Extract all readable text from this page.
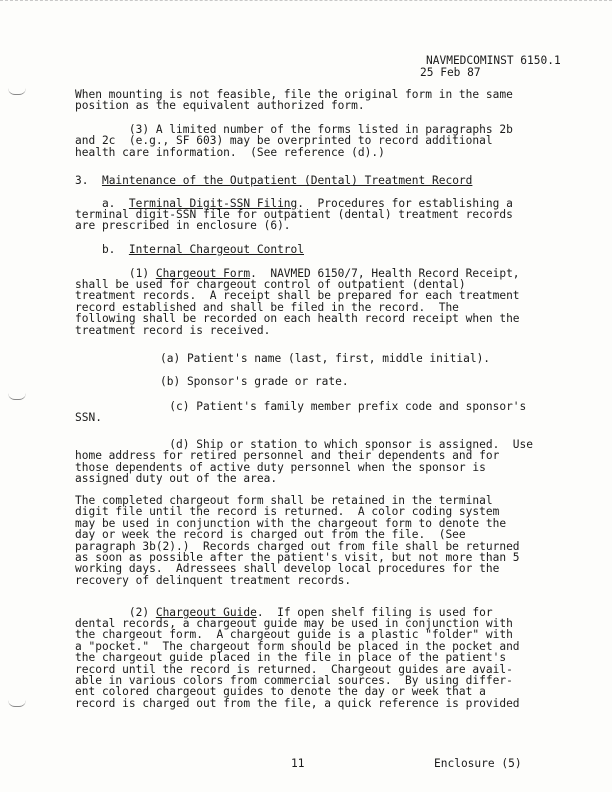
NAVMEDCOMINST 6150.1
25 Feb 87
When mounting is not feasible, file the original form in the same
position as the equivalent authorized form.
(3) A limited number of the forms listed in paragraphs 2b
and 2c  (e.g., SF 603) may be overprinted to record additional
health care information.  (See reference (d).)
3.  Maintenance of the Outpatient (Dental) Treatment Record
a.  Terminal Digit-SSN Filing.  Procedures for establishing a
terminal digit-SSN file for outpatient (dental) treatment records
are prescribed in enclosure (6).
b.  Internal Chargeout Control
(1) Chargeout Form.  NAVMED 6150/7, Health Record Receipt,
shall be used for chargeout control of outpatient (dental)
treatment records.  A receipt shall be prepared for each treatment
record established and shall be filed in the record.  The
following shall be recorded on each health record receipt when the
treatment record is received.
(a) Patient's name (last, first, middle initial).
(b) Sponsor's grade or rate.
(c) Patient's family member prefix code and sponsor's
SSN.
(d) Ship or station to which sponsor is assigned.  Use
home address for retired personnel and their dependents and for
those dependents of active duty personnel when the sponsor is
assigned duty out of the area.
The completed chargeout form shall be retained in the terminal
digit file until the record is returned.  A color coding system
may be used in conjunction with the chargeout form to denote the
day or week the record is charged out from the file.  (See
paragraph 3b(2).)  Records charged out from file shall be returned
as soon as possible after the patient's visit, but not more than 5
working days.  Adressees shall develop local procedures for the
recovery of delinquent treatment records.
(2) Chargeout Guide.  If open shelf filing is used for
dental records, a chargeout guide may be used in conjunction with
the chargeout form.  A chargeout guide is a plastic "folder" with
a "pocket."  The chargeout form should be placed in the pocket and
the chargeout guide placed in the file in place of the patient's
record until the record is returned.  Chargeout guides are avail-
able in various colors from commercial sources.  By using differ-
ent colored chargeout guides to denote the day or week that a
record is charged out from the file, a quick reference is provided
11	Enclosure (5)
